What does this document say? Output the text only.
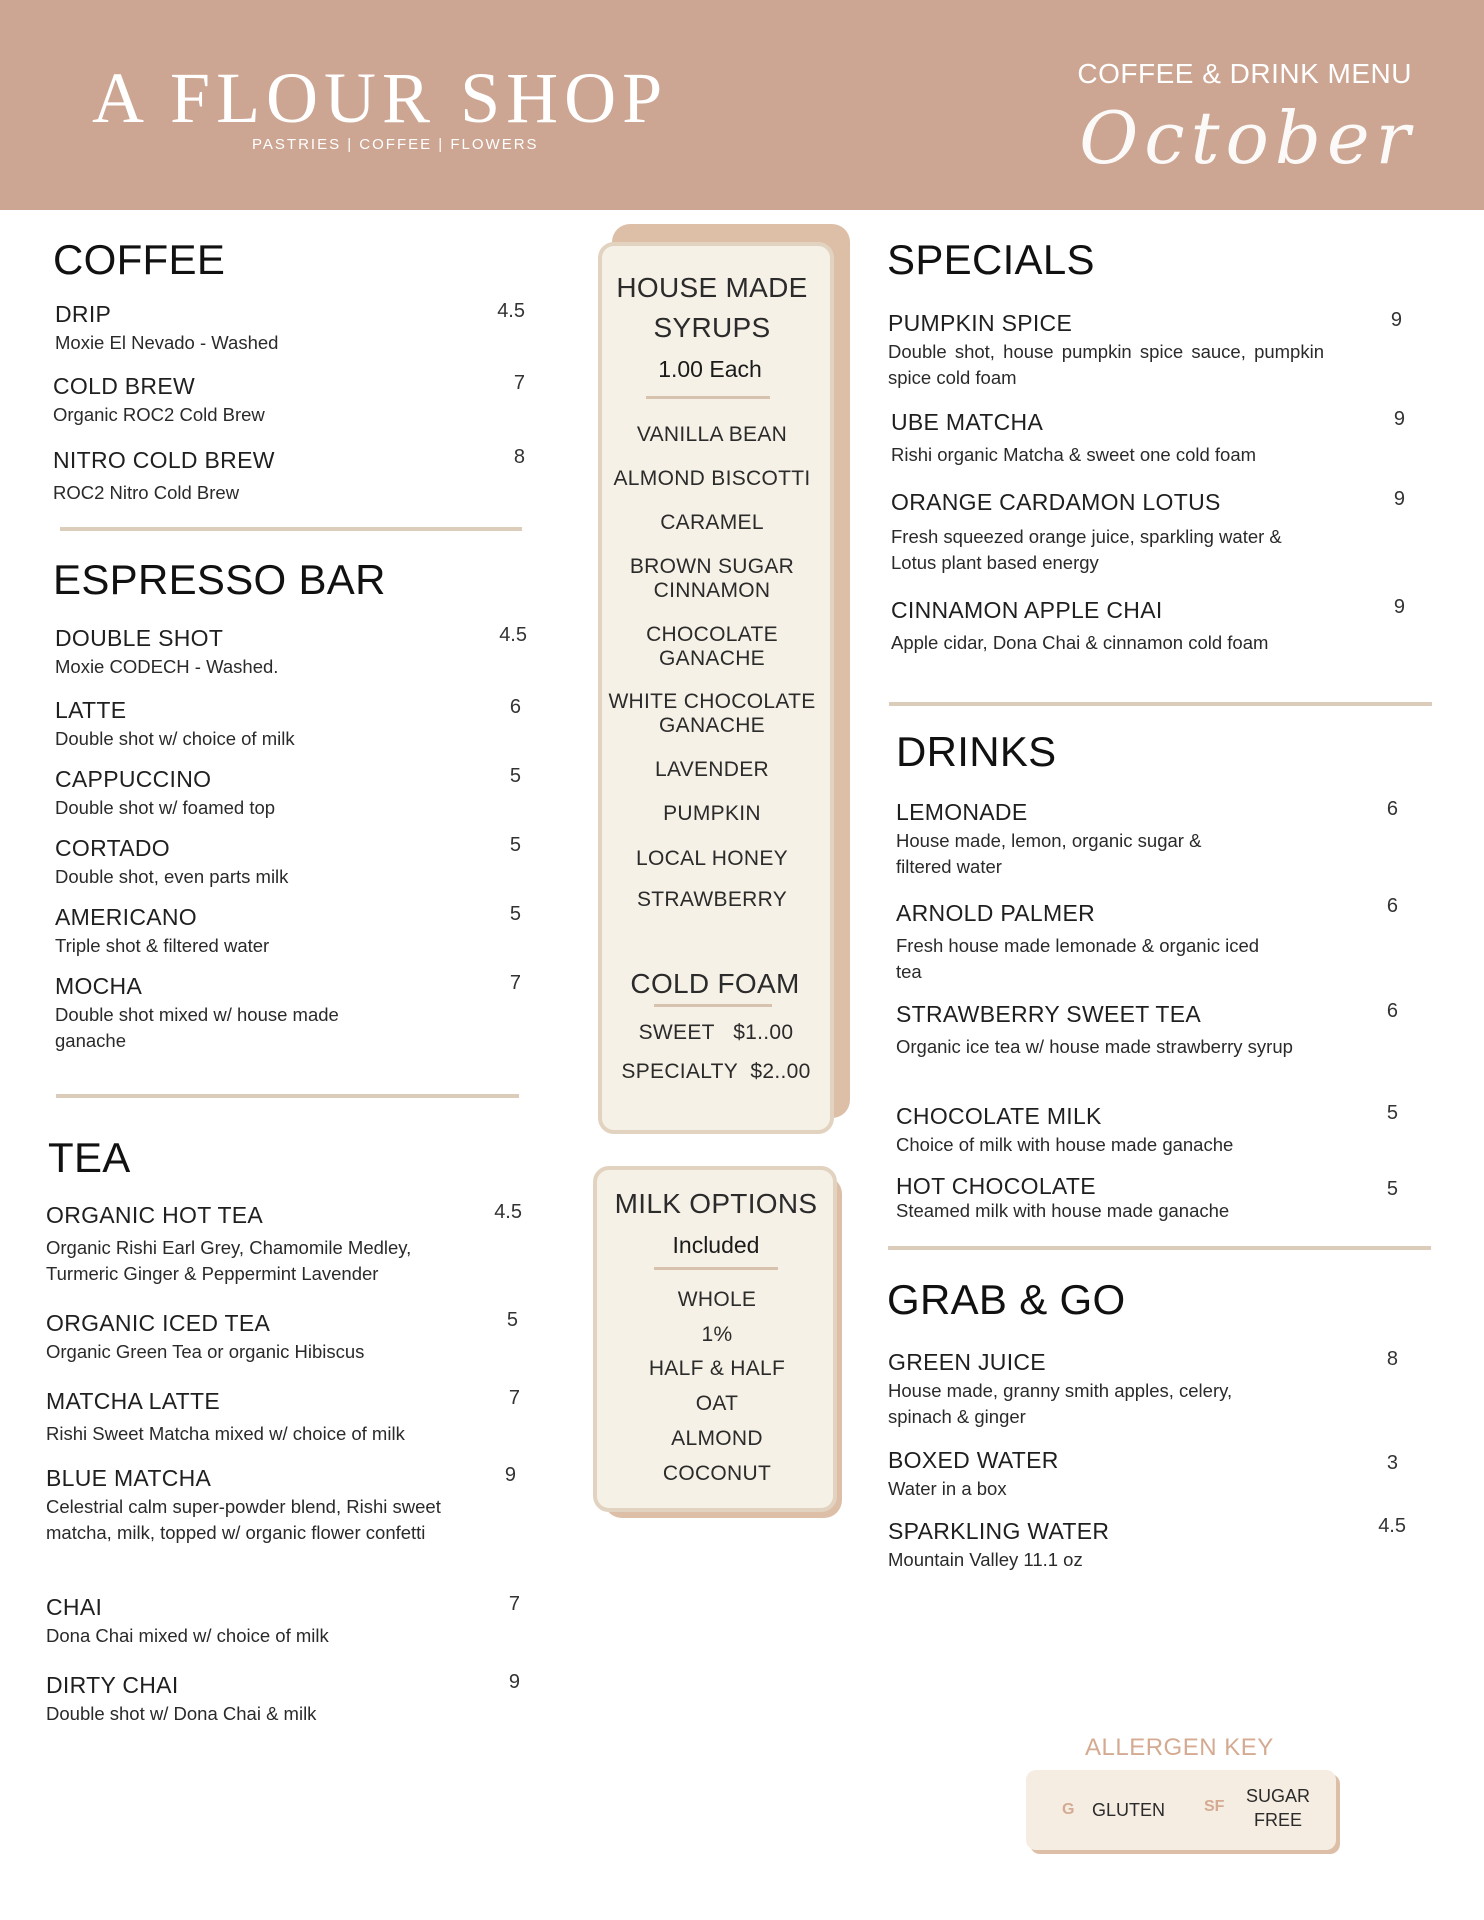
A FLOUR SHOP
PASTRIES | COFFEE | FLOWERS
COFFEE & DRINK MENU
October
COFFEE
DRIP	4.5
Moxie El Nevado - Washed
COLD BREW	7
Organic ROC2 Cold Brew
NITRO COLD BREW	8
ROC2 Nitro Cold Brew
ESPRESSO BAR
DOUBLE SHOT	4.5
Moxie CODECH - Washed.
LATTE	6
Double shot w/ choice of milk
CAPPUCCINO	5
Double shot w/ foamed top
CORTADO	5
Double shot, even parts milk
AMERICANO	5
Triple shot & filtered water
MOCHA	7
Double shot mixed w/ house made ganache
TEA
ORGANIC HOT TEA	4.5
Organic Rishi Earl Grey, Chamomile Medley, Turmeric Ginger & Peppermint Lavender
ORGANIC ICED TEA	5
Organic Green Tea or organic Hibiscus
MATCHA LATTE	7
Rishi Sweet Matcha mixed w/ choice of milk
BLUE MATCHA	9
Celestrial calm super-powder blend, Rishi sweet matcha, milk, topped w/ organic flower confetti
CHAI	7
Dona Chai mixed w/ choice of milk
DIRTY CHAI	9
Double shot w/ Dona Chai & milk
HOUSE MADE
SYRUPS
1.00 Each
VANILLA BEAN
ALMOND BISCOTTI
CARAMEL
BROWN SUGAR CINNAMON
CHOCOLATE GANACHE
WHITE CHOCOLATE GANACHE
LAVENDER
PUMPKIN
LOCAL HONEY
STRAWBERRY
COLD FOAM
SWEET $1..00
SPECIALTY $2..00
MILK OPTIONS
Included
WHOLE
1%
HALF & HALF
OAT
ALMOND
COCONUT
SPECIALS
PUMPKIN SPICE	9
Double shot, house pumpkin spice sauce, pumpkin spice cold foam
UBE MATCHA	9
Rishi organic Matcha & sweet one cold foam
ORANGE CARDAMON LOTUS	9
Fresh squeezed orange juice, sparkling water & Lotus plant based energy
CINNAMON APPLE CHAI	9
Apple cidar, Dona Chai & cinnamon cold foam
DRINKS
LEMONADE	6
House made, lemon, organic sugar & filtered water
ARNOLD PALMER	6
Fresh house made lemonade & organic iced tea
STRAWBERRY SWEET TEA	6
Organic ice tea w/ house made strawberry syrup
CHOCOLATE MILK	5
Choice of milk with house made ganache
HOT CHOCOLATE	5
Steamed milk with house made ganache
GRAB & GO
GREEN JUICE	8
House made, granny smith apples, celery, spinach & ginger
BOXED WATER	3
Water in a box
SPARKLING WATER	4.5
Mountain Valley 11.1 oz
ALLERGEN KEY
G GLUTEN SF
SUGAR
FREE
